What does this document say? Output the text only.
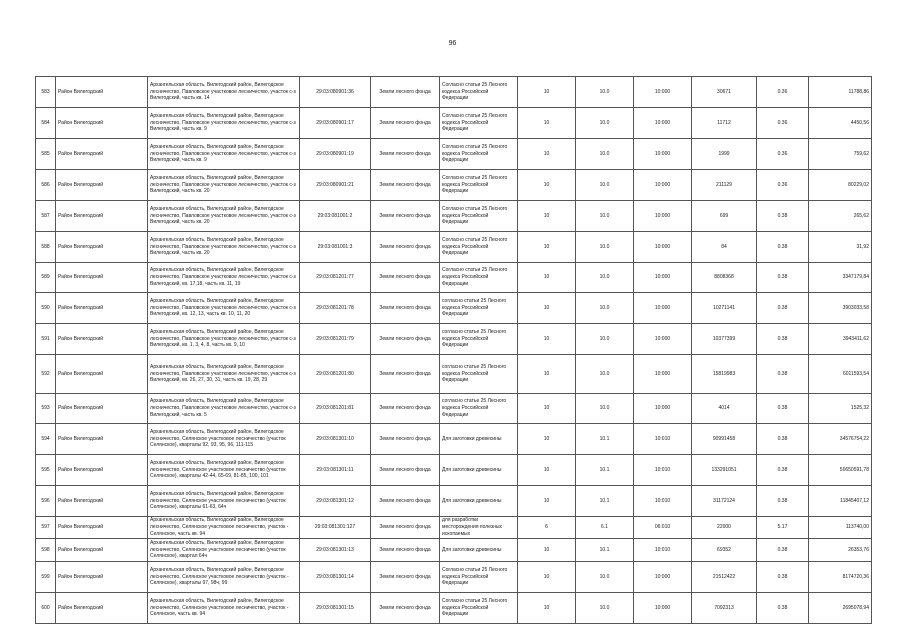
96
583	Район Вилегодский	Архангельская область, Вилегодский район, Вилегодское лесничество, Павловское участковое лесничество, участок с-з Вилегодский, часть кв. 14	29:03:080901:36	Земли лесного фонда	Согласно статьи 25 Лесного кодекса Российской Федерации	10	10.0	10:000	30671	0.36	11788,86
584	Район Вилегодский	Архангельская область, Вилегодский район, Вилегодское лесничество, Павловское участковое лесничество, участок с-з Вилегодский, часть кв. 9	29:03:080901:17	Земли лесного фонда	Согласно статьи 25 Лесного кодекса Российской Федерации	10	10.0	10:000	11712	0.36	4450,56
585	Район Вилегодский	Архангельская область, Вилегодский район, Вилегодское лесничество, Павловское участковое лесничество, участок с-з Вилегодский, часть кв. 9	29:03:080901:19	Земли лесного фонда	Согласно статьи 25 Лесного кодекса Российской Федерации	10	10.0	10:000	1999	0.36	759,62
586	Район Вилегодский	Архангельская область, Вилегодский район, Вилегодское лесничество, Павловское участковое лесничество, участок с-з Вилегодский, часть кв. 20	29:03:080901:21	Земли лесного фонда	Согласно статьи 25 Лесного кодекса Российской Федерации	10	10.0	10:000	211129	0.36	80229,02
587	Район Вилегодский	Архангельская область, Вилегодский район, Вилегодское лесничество, Павловское участковое лесничество, участок с-з Вилегодский, часть кв. 20	29:03:081001:2	Земли лесного фонда	Согласно статьи 25 Лесного кодекса Российской Федерации	10	10.0	10:000	699	0.38	265,62
588	Район Вилегодский	Архангельская область, Вилегодский район, Вилегодское лесничество, Павловское участковое лесничество, участок с-з Вилегодский, часть кв. 20	29:03:081001:3	Земли лесного фонда	Согласно статьи 25 Лесного кодекса Российской Федерации	10	10.0	10:000	84	0.38	31,92
589	Район Вилегодский	Архангельская область, Вилегодский район, Вилегодское лесничество, Павловское участковое лесничество, участок с-з Вилегодский, кв. 17,18, часть кв. 11, 19	29:03:081201:77	Земли лесного фонда	Согласно статьи 25 Лесного кодекса Российской Федерации	10	10.0	10:000	8808368	0.38	3347179,84
590	Район Вилегодский	Архангельская область, Вилегодский район, Вилегодское лесничество, Павловское участковое лесничество, участок с-з Вилегодский, кв. 12, 13, часть кв. 10, 11, 20	29:03:081201:78	Земли лесного фонда	согласно статьи 25 Лесного кодекса Российской Федерации	10	10.0	10:000	10271141	0.38	3903033,58
591	Район Вилегодский	Архангельская область, Вилегодский район, Вилегодское лесничество, Павловское участковое лесничество, участок с-з Вилегодский, кв. 1, 3, 4, 8, часть кв. 9, 10	29:03:081201:79	Земли лесного фонда	согласно статье 25 Лесного кодекса Российской Федерации	10	10.0	10:000	10377399	0.38	3943411,62
592	Район Вилегодский	Архангельская область, Вилегодский район, Вилегодское лесничество, Павловское участковое лесничество, участок с-з Вилегодский, кв. 26, 27, 30, 31, часть кв. 19, 28, 29	29:03:081201:80	Земли лесного фонда	согласно статье 25 Лесного кодекса Российской Федерации	10	10.0	10:000	15819983	0.38	6011593,54
593	Район Вилегодский	Архангельская область, Вилегодский район, Вилегодское лесничество, Павловское участковое лесничество, участок с-з Вилегодский, часть кв. 5	29:03:081201:81	Земли лесного фонда	согласно статье 25 Лесного кодекса Российской Федерации	10	10.0	10:000	4014	0.38	1525,32
594	Район Вилегодский	Архангельская область, Вилегодский район, Вилегодское лесничество, Селянское участковое лесничество (участок Селянское), кварталы 92, 93, 95, 96, 111-115	29:03:081301:10	Земли лесного фонда	Для заготовки древесины	10	10.1	10:010	90991458	0.38	34576754,22
595	Район Вилегодский	Архангельская область, Вилегодский район, Вилегодское лесничество, Селянское участковое лесничество (участок Селянское), кварталы 42-44, 65-69, 81-85, 100, 101	29:03:081301:11	Земли лесного фонда	Для заготовки древесины	10	10.1	10:010	133291051	0.38	50650591,78
596	Район Вилегодский	Архангельская область, Вилегодский район, Вилегодское лесничество, Селянское участковое лесничество (участок Селянское), кварталы 61-63, 64ч	29:03:081301:12	Земли лесного фонда	Для заготовки древесины	10	10.1	10:010	31172124	0.38	11845407,12
597	Район Вилегодский	Архангельская область, Вилегодский район, Вилегодское лесничество, Селянское участковое лесничество, участок - Селянское, часть кв. 94	29:03:081301:127	Земли лесного фонда	для разработки месторождения полезных ископаемых	6	6.1	06:010	22000	5.17	113740,00
598	Район Вилегодский	Архангельская область, Вилегодский район, Вилегодское лесничество, Селянское участковое лесничество (участок Селянское), квартал 64ч	29:03:081301:13	Земли лесного фонда	Для заготовки древесины	10	10.1	10:010	69352	0.38	26353,76
599	Район Вилегодский	Архангельская область, Вилегодский район, Вилегодское лесничество, Селянское участковое лесничество (участок - Селянское), кварталы 97, 98ч, 99	29:03:081301:14	Земли лесного фонда	Согласно статьи 25 Лесного кодекса Российской Федерации	10	10.0	10:000	21512422	0.38	8174720,36
600	Район Вилегодский	Архангельская область, Вилегодский район, Вилегодское лесничество, Селянское участковое лесничество, участок - Селянское, часть кв. 94	29:03:081301:15	Земли лесного фонда	Согласно статьи 25 Лесного кодекса Российской Федерации	10	10.0	10:000	7092313	0.38	2695078,94
